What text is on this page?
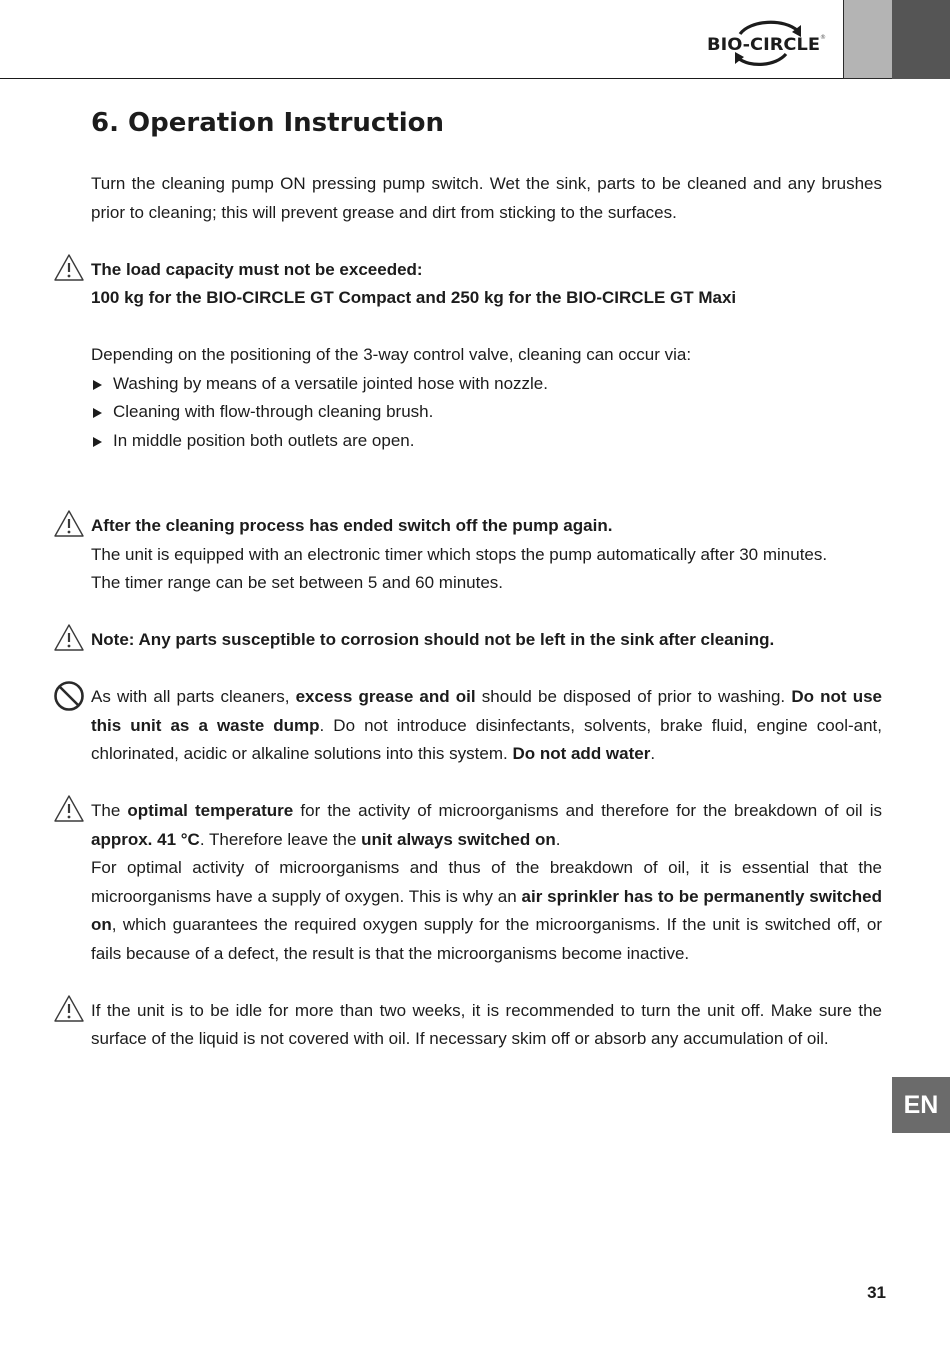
BIO-CIRCLE ®
6. Operation Instruction

Turn the cleaning pump ON pressing pump switch. Wet the sink, parts to be cleaned and any brushes prior to cleaning; this will prevent grease and dirt from sticking to the surfaces.

The load capacity must not be exceeded:

100 kg for the BIO-CIRCLE GT Compact and 250 kg for the BIO-CIRCLE GT Maxi

Depending on the positioning of the 3-way control valve, cleaning can occur via:

Washing by means of a versatile jointed hose with nozzle.
Cleaning with flow-through cleaning brush.
In middle position both outlets are open.

After the cleaning process has ended switch off the pump again.

The unit is equipped with an electronic timer which stops the pump automatically after 30 minutes.

The timer range can be set between 5 and 60 minutes.

Note: Any parts susceptible to corrosion should not be left in the sink after cleaning.

As with all parts cleaners, excess grease and oil should be disposed of prior to washing. Do not use this unit as a waste dump. Do not introduce disinfectants, solvents, brake fluid, engine cool-ant, chlorinated, acidic or alkaline solutions into this system. Do not add water.

The optimal temperature for the activity of microorganisms and therefore for the breakdown of oil is approx. 41 °C. Therefore leave the unit always switched on.

For optimal activity of microorganisms and thus of the breakdown of oil, it is essential that the microorganisms have a supply of oxygen. This is why an air sprinkler has to be permanently switched on, which guarantees the required oxygen supply for the microorganisms. If the unit is switched off, or fails because of a defect, the result is that the microorganisms become inactive.

If the unit is to be idle for more than two weeks, it is recommended to turn the unit off. Make sure the surface of the liquid is not covered with oil. If necessary skim off or absorb any accumulation of oil.

EN
31
